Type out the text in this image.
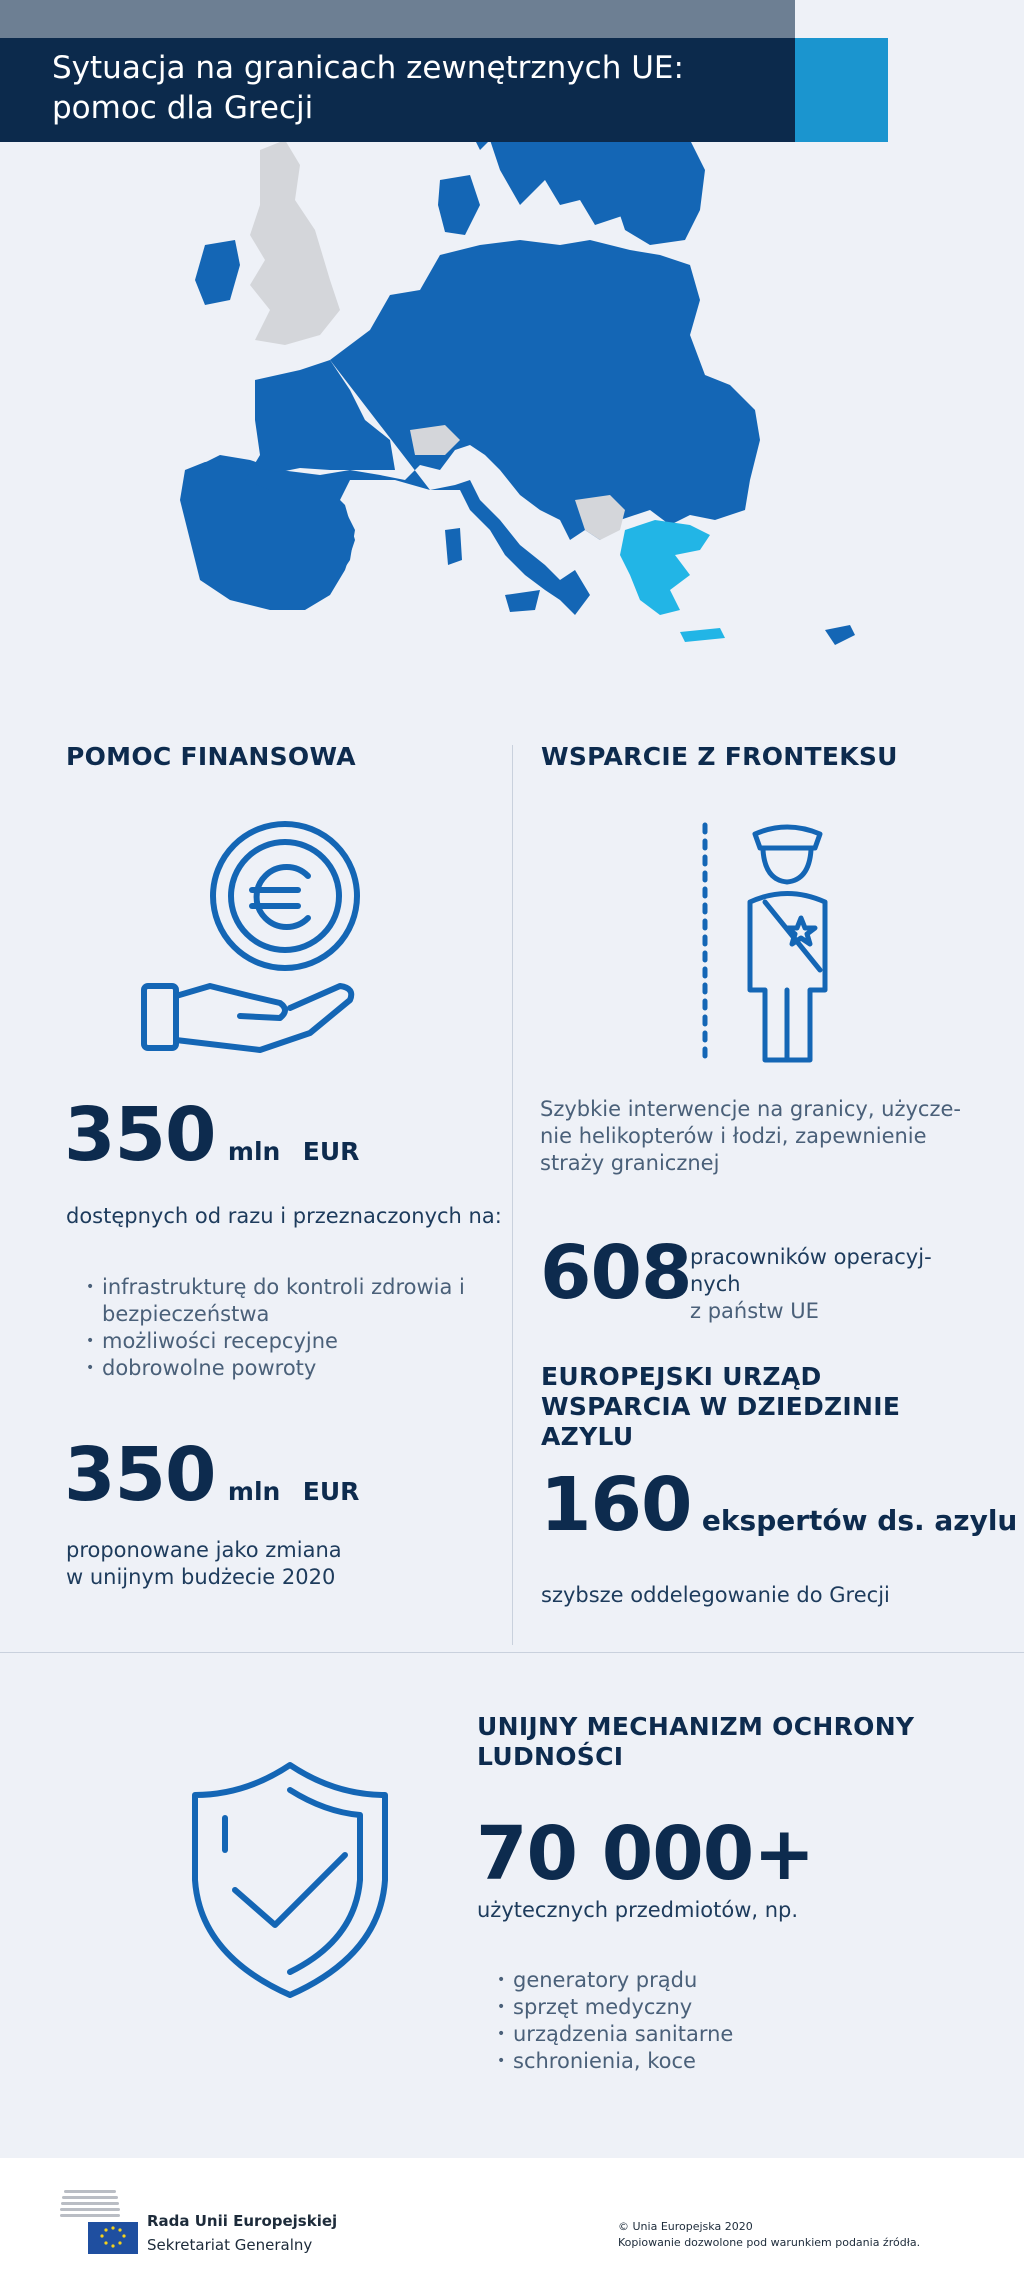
Sytuacja na granicach zewnętrznych UE:
pomoc dla Grecji
POMOC FINANSOWA
350 mln EUR
dostępnych od razu i przeznaczonych na:
• infrastrukturę do kontroli zdrowia i bezpieczeństwa
• możliwości recepcyjne
• dobrowolne powroty
350 mln EUR
proponowane jako zmiana
w unijnym budżecie 2020
WSPARCIE Z FRONTEKSU
Szybkie interwencje na granicy, użycze-
nie helikopterów i łodzi, zapewnienie
straży granicznej
608
pracowników operacyj-
nych
z państw UE
EUROPEJSKI URZĄD
WSPARCIA W DZIEDZINIE
AZYLU
160 ekspertów ds. azylu
szybsze oddelegowanie do Grecji
UNIJNY MECHANIZM OCHRONY
LUDNOŚCI
70 000+
użytecznych przedmiotów, np.
• generatory prądu
• sprzęt medyczny
• urządzenia sanitarne
• schronienia, koce
Rada Unii Europejskiej
Sekretariat Generalny
© Unia Europejska 2020
Kopiowanie dozwolone pod warunkiem podania źródła.
